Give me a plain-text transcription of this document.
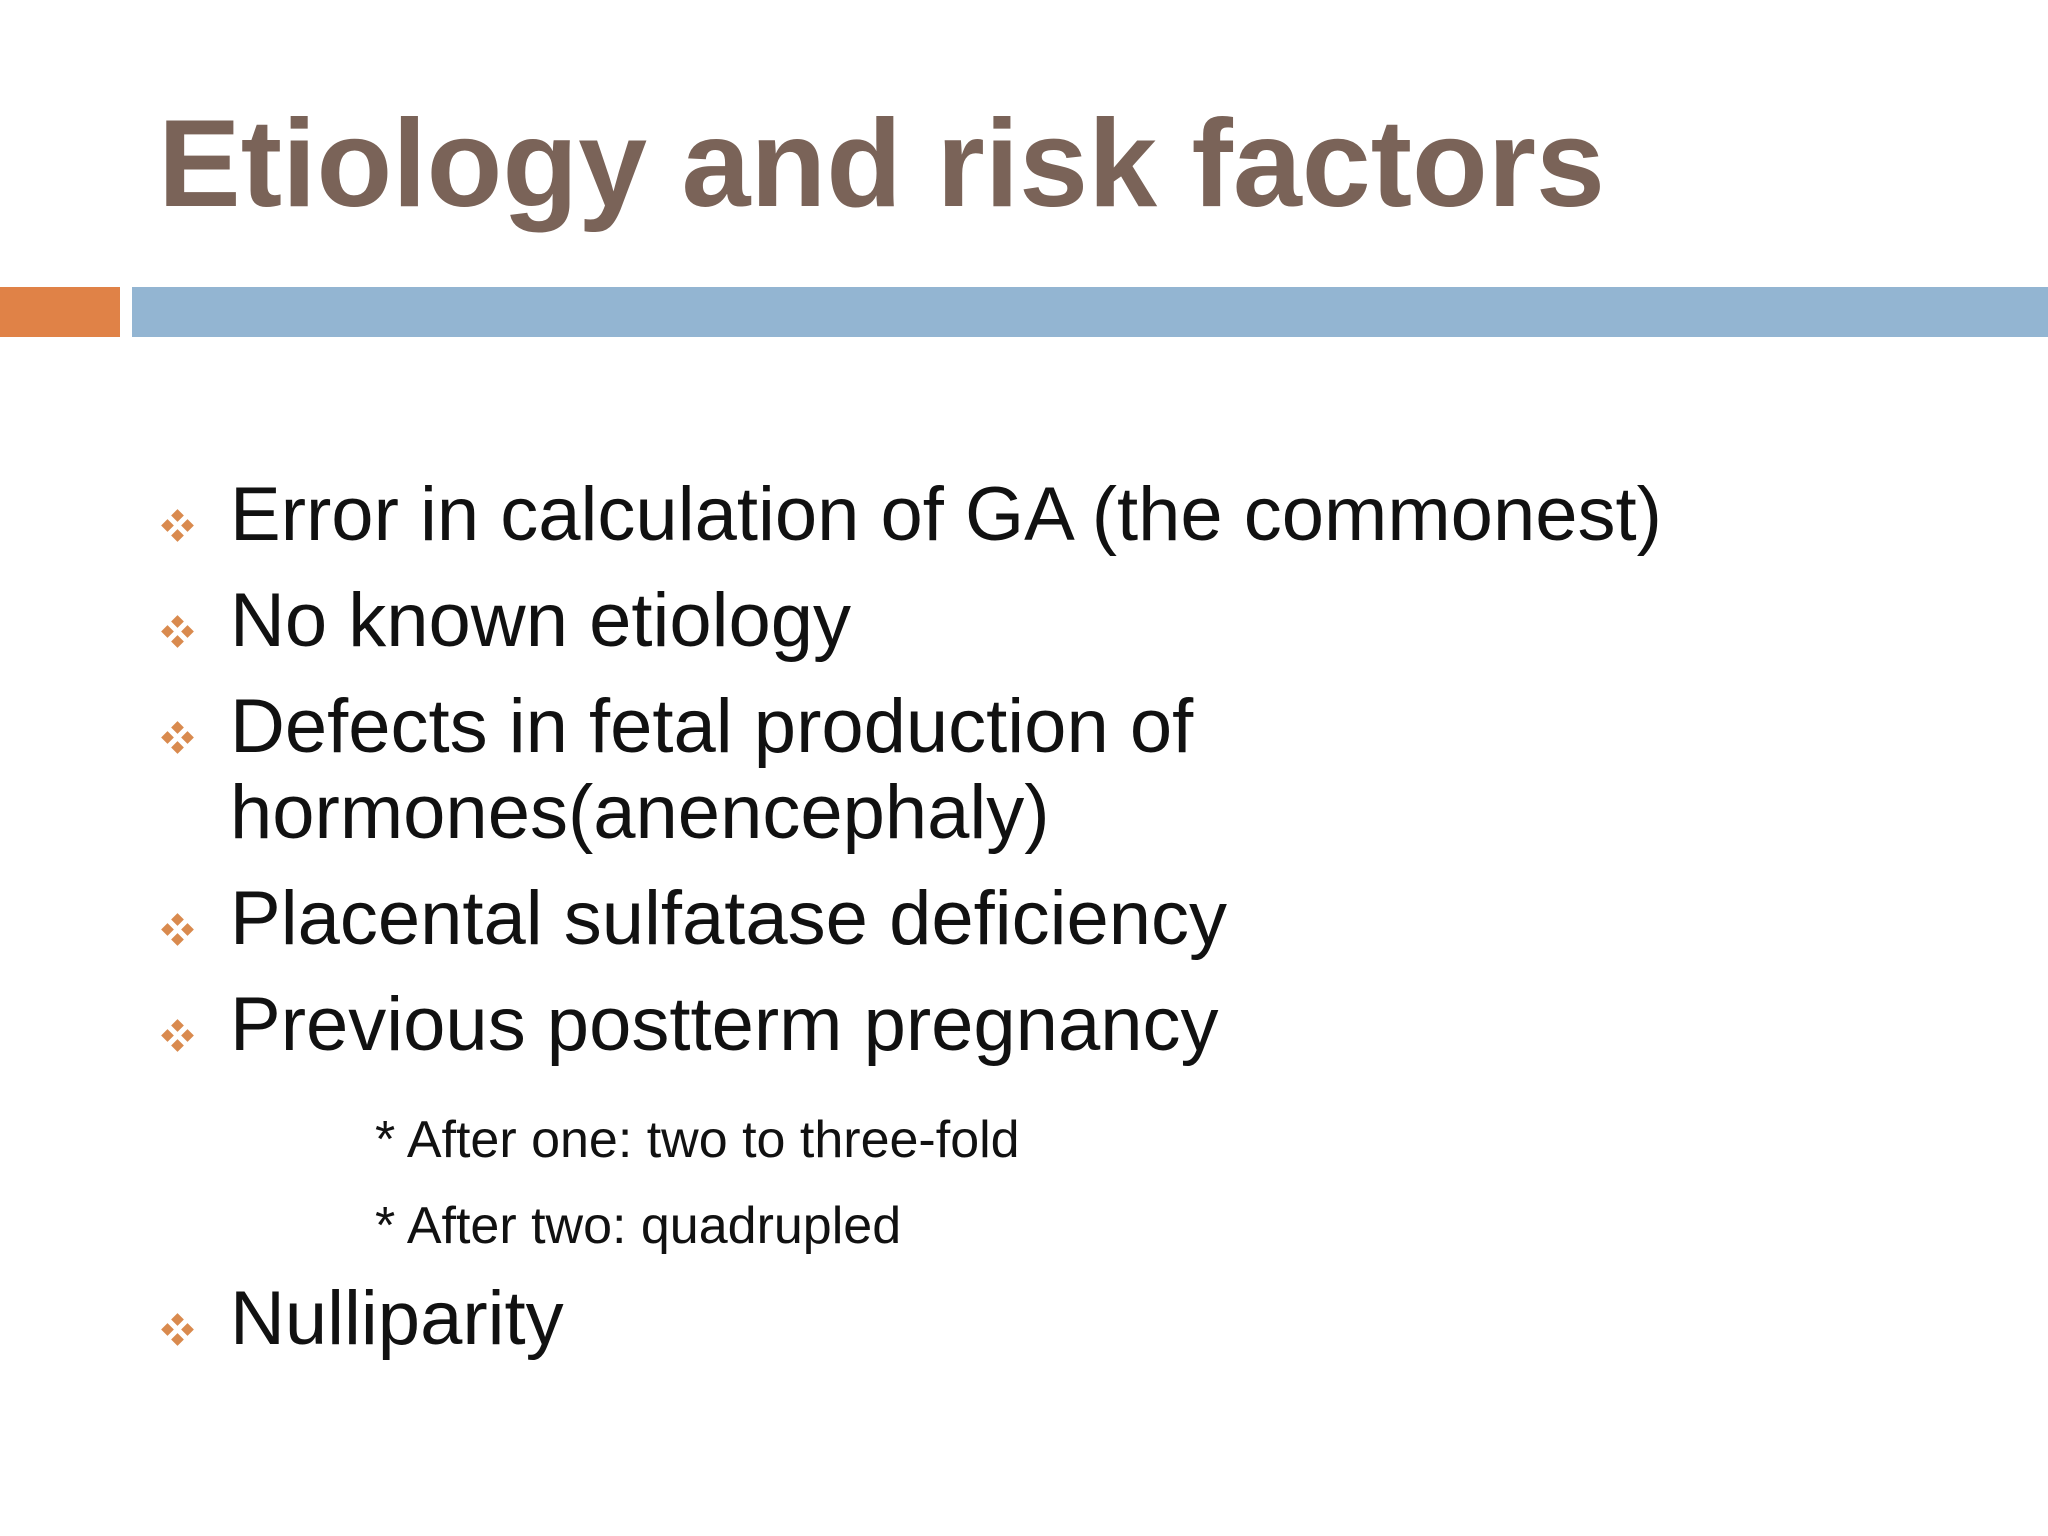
Etiology and risk factors
Error in calculation of GA (the commonest)
No known etiology
Defects in fetal production of
hormones(anencephaly)
Placental sulfatase deficiency
Previous postterm pregnancy
* After one: two to three-fold
* After two: quadrupled
Nulliparity
